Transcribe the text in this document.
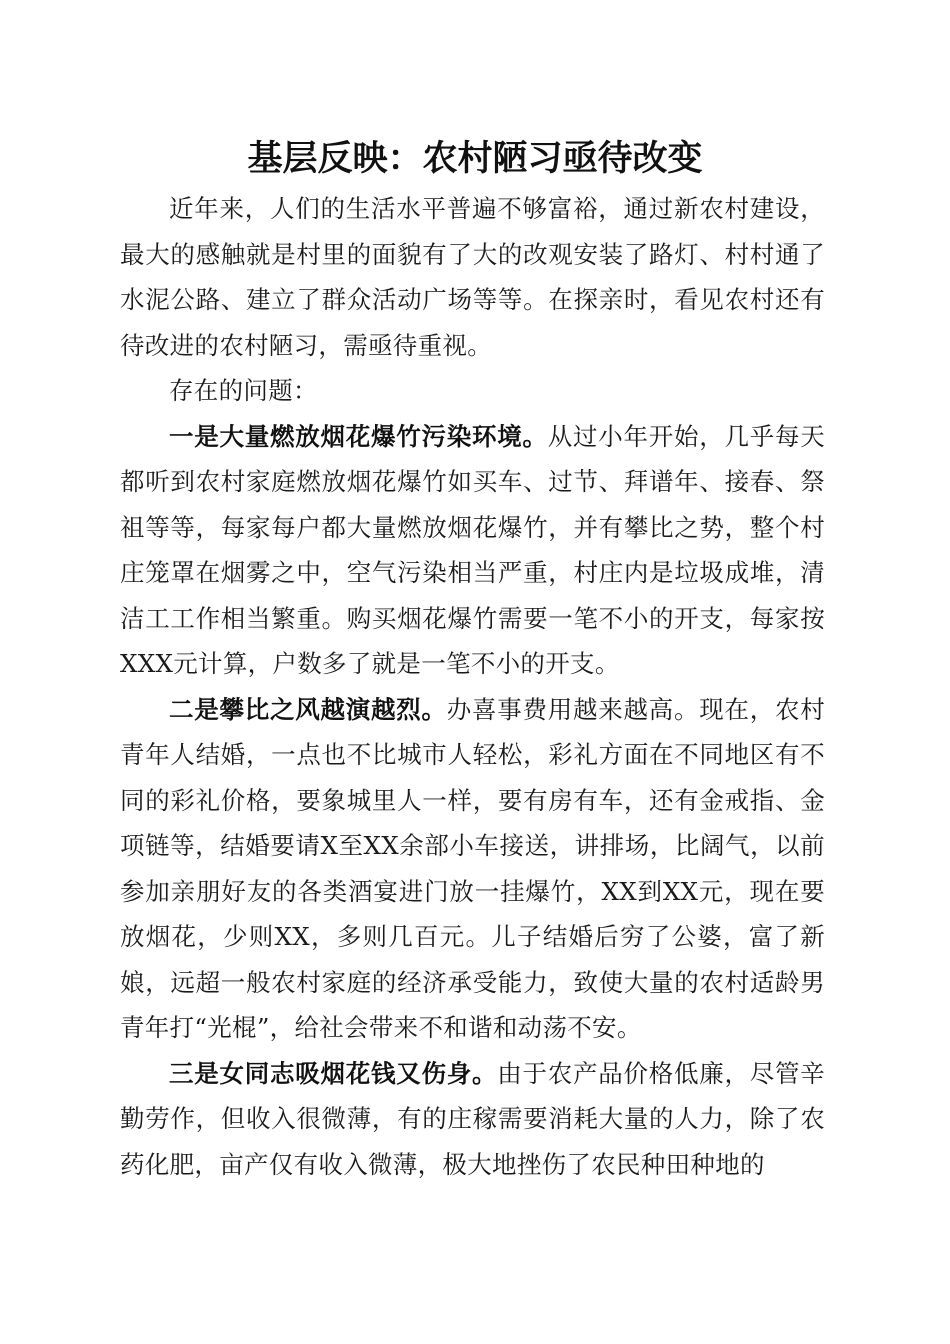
基层反映：农村陋习亟待改变

近年来，人们的生活水平普遍不够富裕，通过新农村建设，最大的感触就是村里的面貌有了大的改观安装了路灯、村村通了水泥公路、建立了群众活动广场等等。在探亲时，看见农村还有待改进的农村陋习，需亟待重视。

存在的问题：

一是大量燃放烟花爆竹污染环境。从过小年开始，几乎每天都听到农村家庭燃放烟花爆竹如买车、过节、拜谱年、接春、祭祖等等，每家每户都大量燃放烟花爆竹，并有攀比之势，整个村庄笼罩在烟雾之中，空气污染相当严重，村庄内是垃圾成堆，清洁工工作相当繁重。购买烟花爆竹需要一笔不小的开支，每家按XXX元计算，户数多了就是一笔不小的开支。

二是攀比之风越演越烈。办喜事费用越来越高。现在，农村青年人结婚，一点也不比城市人轻松，彩礼方面在不同地区有不同的彩礼价格，要象城里人一样，要有房有车，还有金戒指、金项链等，结婚要请X至XX余部小车接送，讲排场，比阔气，以前参加亲朋好友的各类酒宴进门放一挂爆竹，XX到XX元，现在要放烟花，少则XX，多则几百元。儿子结婚后穷了公婆，富了新娘，远超一般农村家庭的经济承受能力，致使大量的农村适龄男青年打“光棍”，给社会带来不和谐和动荡不安。

三是女同志吸烟花钱又伤身。由于农产品价格低廉，尽管辛勤劳作，但收入很微薄，有的庄稼需要消耗大量的人力，除了农药化肥，亩产仅有收入微薄，极大地挫伤了农民种田种地的
